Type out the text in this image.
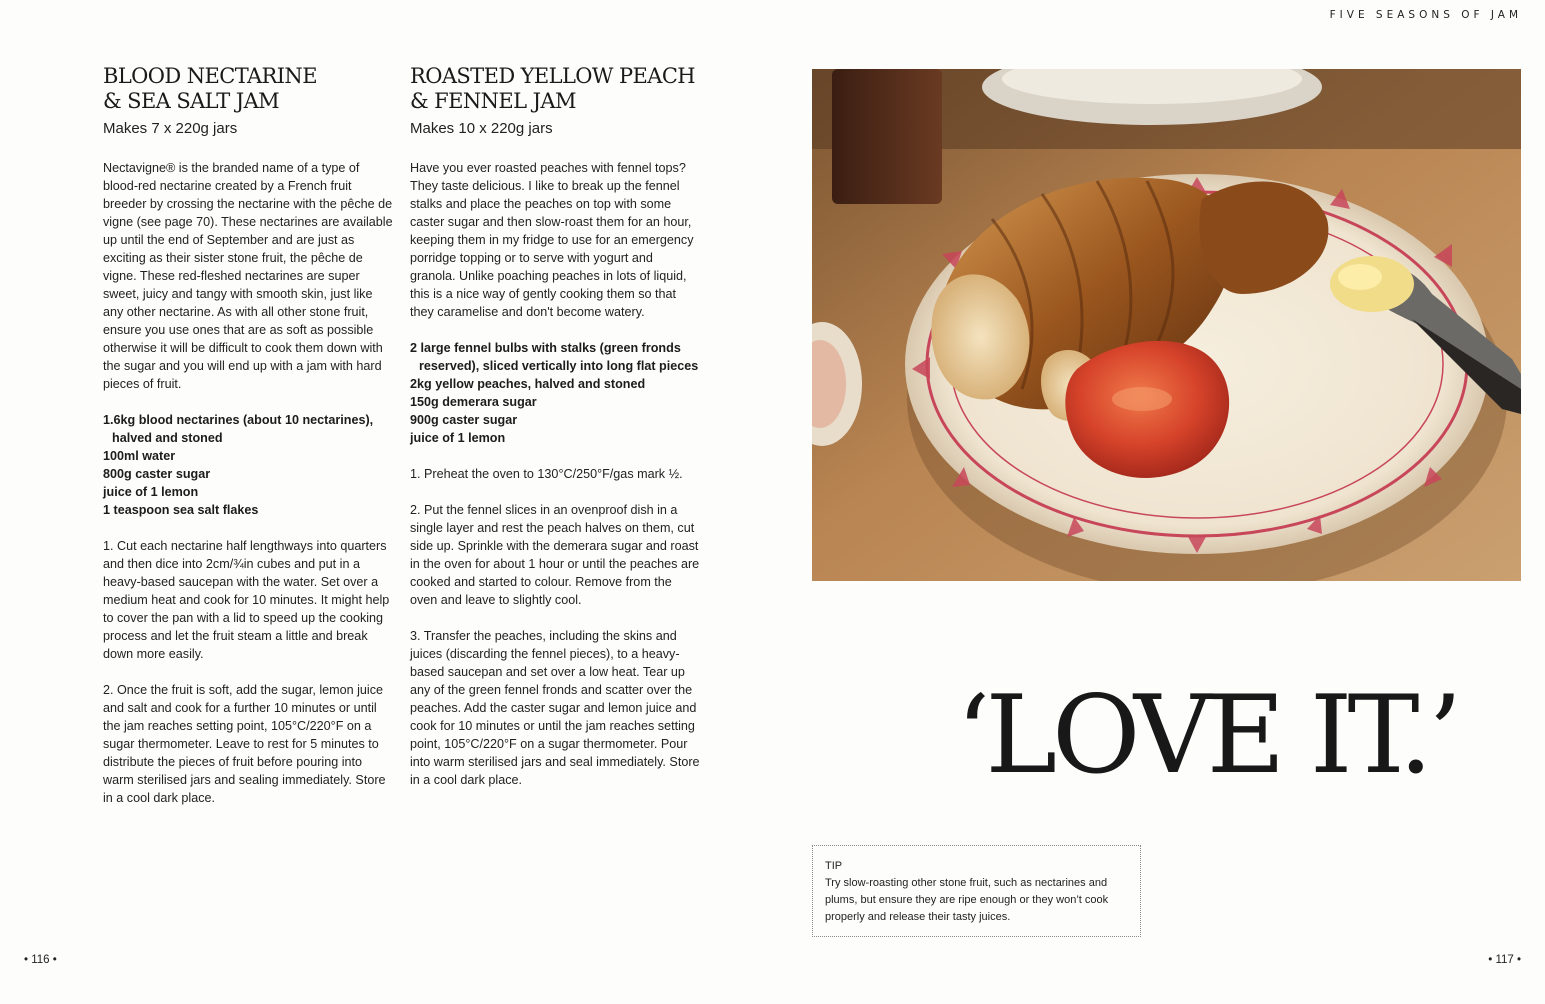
FIVE SEASONS OF JAM
BLOOD NECTARINE
& SEA SALT JAM

Makes 7 x 220g jars

Nectavigne® is the branded name of a type of blood-red nectarine created by a French fruit breeder by crossing the nectarine with the pêche de vigne (see page 70). These nectarines are available up until the end of September and are just as exciting as their sister stone fruit, the pêche de vigne. These red-fleshed nectarines are super sweet, juicy and tangy with smooth skin, just like any other nectarine. As with all other stone fruit, ensure you use ones that are as soft as possible otherwise it will be difficult to cook them down with the sugar and you will end up with a jam with hard pieces of fruit.

1.6kg blood nectarines (about 10 nectarines), halved and stoned
100ml water
800g caster sugar
juice of 1 lemon
1 teaspoon sea salt flakes

1. Cut each nectarine half lengthways into quarters and then dice into 2cm/¾in cubes and put in a heavy-based saucepan with the water. Set over a medium heat and cook for 10 minutes. It might help to cover the pan with a lid to speed up the cooking process and let the fruit steam a little and break down more easily.

2. Once the fruit is soft, add the sugar, lemon juice and salt and cook for a further 10 minutes or until the jam reaches setting point, 105°C/220°F on a sugar thermometer. Leave to rest for 5 minutes to distribute the pieces of fruit before pouring into warm sterilised jars and sealing immediately. Store in a cool dark place.

ROASTED YELLOW PEACH
& FENNEL JAM

Makes 10 x 220g jars

Have you ever roasted peaches with fennel tops? They taste delicious. I like to break up the fennel stalks and place the peaches on top with some caster sugar and then slow-roast them for an hour, keeping them in my fridge to use for an emergency porridge topping or to serve with yogurt and granola. Unlike poaching peaches in lots of liquid, this is a nice way of gently cooking them so that they caramelise and don't become watery.

2 large fennel bulbs with stalks (green fronds reserved), sliced vertically into long flat pieces
2kg yellow peaches, halved and stoned
150g demerara sugar
900g caster sugar
juice of 1 lemon

1. Preheat the oven to 130°C/250°F/gas mark ½.

2. Put the fennel slices in an ovenproof dish in a single layer and rest the peach halves on them, cut side up. Sprinkle with the demerara sugar and roast in the oven for about 1 hour or until the peaches are cooked and started to colour. Remove from the oven and leave to slightly cool.

3. Transfer the peaches, including the skins and juices (discarding the fennel pieces), to a heavy-based saucepan and set over a low heat. Tear up any of the green fennel fronds and scatter over the peaches. Add the caster sugar and lemon juice and cook for 10 minutes or until the jam reaches setting point, 105°C/220°F on a sugar thermometer. Pour into warm sterilised jars and seal immediately. Store in a cool dark place.	‘LOVE IT.’
TIP
Try slow-roasting other stone fruit, such as nectarines and plums, but ensure they are ripe enough or they won’t cook properly and release their tasty juices.
• 116 •	• 117 •
